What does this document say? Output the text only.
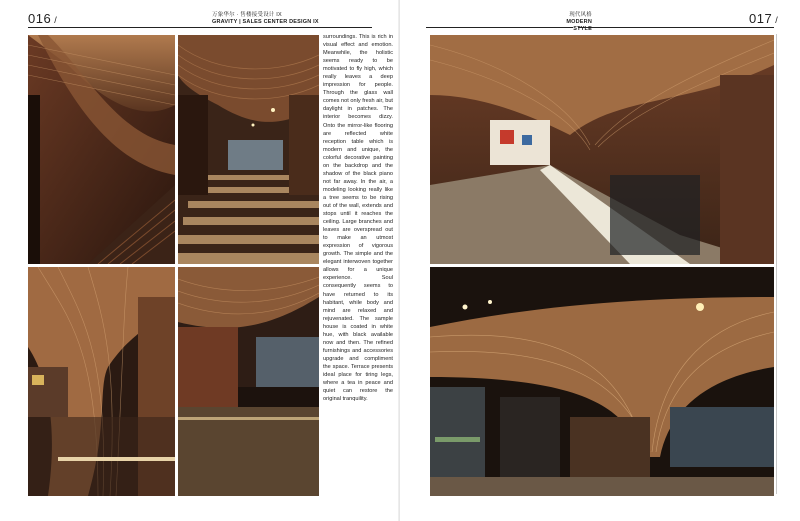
016 /	万象华尔 · 售楼接受设计 IX
GRAVITY | SALES CENTER DESIGN IX

surroundings. This is rich in visual effect and emotion. Meanwhile, the holistic seems ready to be motivated to fly high, which really leaves a deep impression for people. Through the glass wall comes not only fresh air, but daylight in patches. The interior becomes dizzy. Onto the mirror-like flooring are reflected white reception table which is modern and unique, the colorful decorative painting on the backdrop and the shadow of the black piano not far away. In the air, a modeling looking really like a tree seems to be rising out of the wall, extends and stops until it reaches the ceiling. Large branches and leaves are overspread out to make an utmost expression of vigorous growth. The simple and the elegant interwoven together allows for a unique experience. Soul consequently seems to have returned to its habitant, while body and mind are relaxed and rejuvenated. The sample house is coated in white hue, with black available now and then. The refined furnishings and accessories upgrade and compliment the space. Terrace presents ideal place for tiring legs, where a tea in peace and quiet can restore the original tranquility.

现代风格
MODERN STYLE
017 /
